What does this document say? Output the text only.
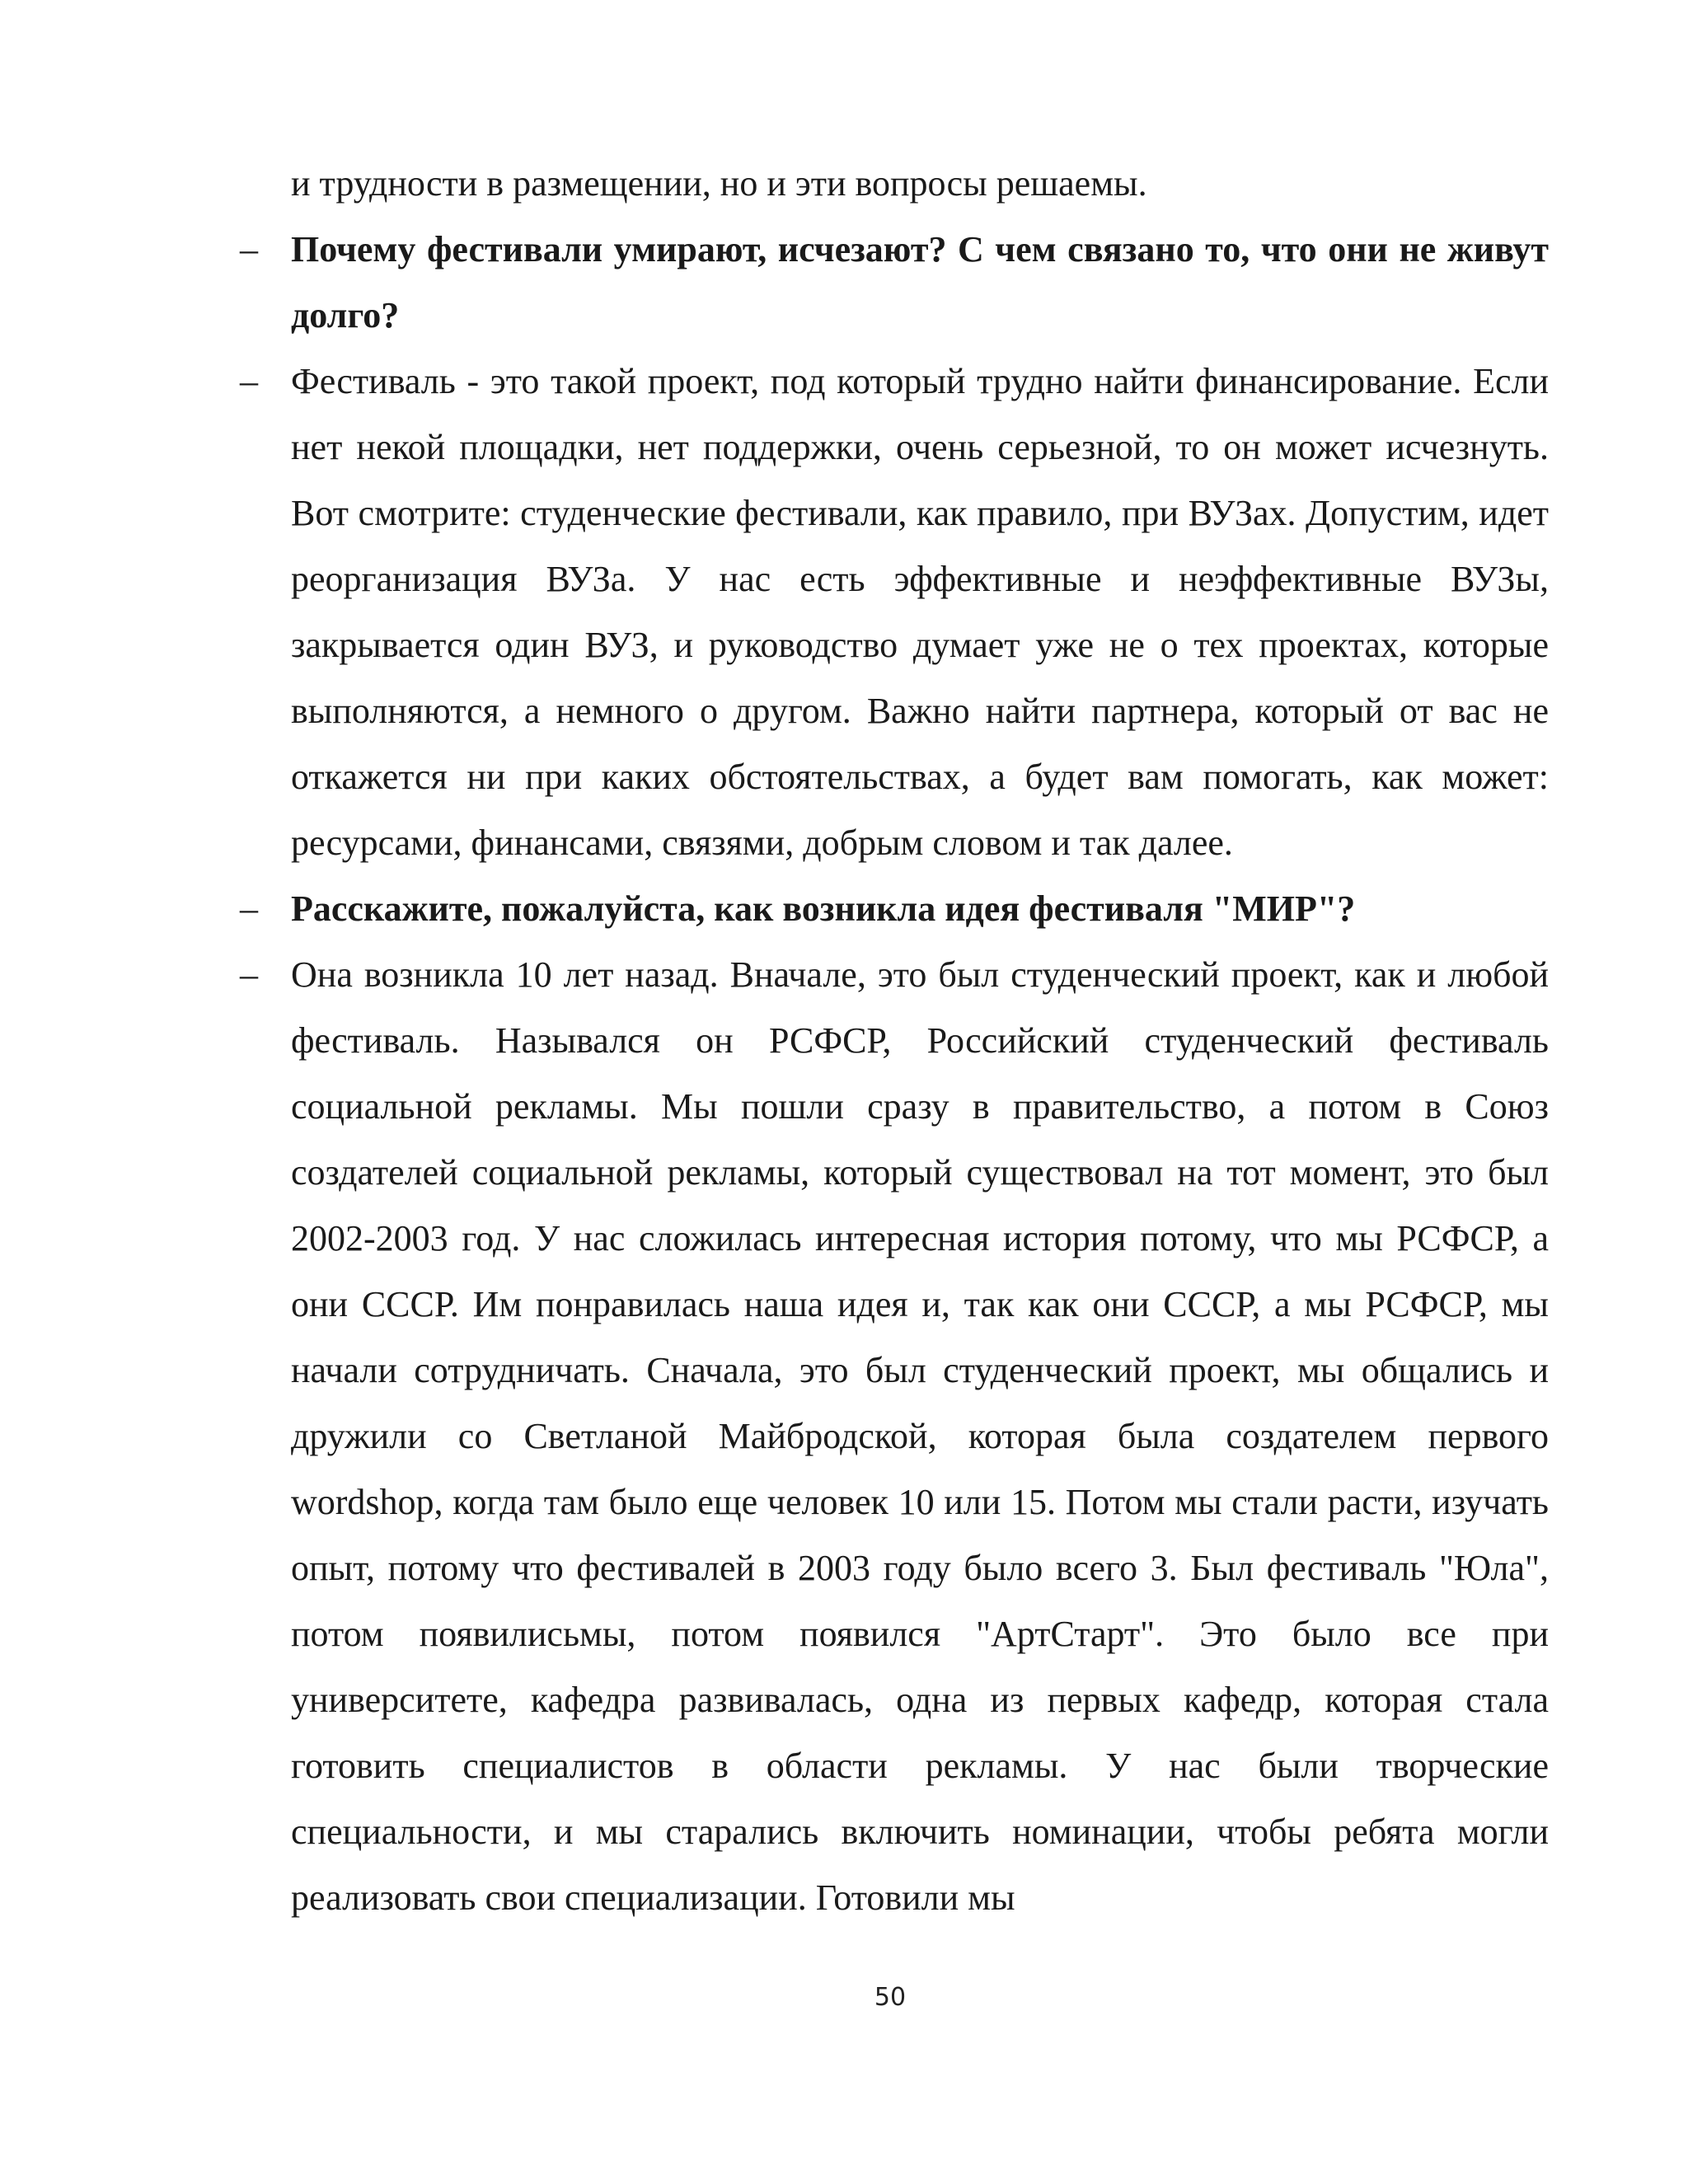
и трудности в размещении, но и эти вопросы решаемы.
– Почему фестивали умирают, исчезают? С чем связано то, что они не живут долго?

– Фестиваль - это такой проект, под который трудно найти финансирование. Если нет некой площадки, нет поддержки, очень серьезной, то он может исчезнуть. Вот смотрите: студенческие фестивали, как правило, при ВУЗах. Допустим, идет реорганизация ВУЗа. У нас есть эффективные и неэффективные ВУЗы, закрывается один ВУЗ, и руководство думает уже не о тех проектах, которые выполняются, а немного о другом. Важно найти партнера, который от вас не откажется ни при каких обстоятельствах, а будет вам помогать, как может: ресурсами, финансами, связями, добрым словом и так далее.

– Расскажите, пожалуйста, как возникла идея фестиваля "МИР"?

– Она возникла 10 лет назад. Вначале, это был студенческий проект, как и любой фестиваль. Назывался он РСФСР, Российский студенческий фестиваль социальной рекламы. Мы пошли сразу в правительство, а потом в Союз создателей социальной рекламы, который существовал на тот момент, это был 2002-2003 год. У нас сложилась интересная история потому, что мы РСФСР, а они СССР. Им понравилась наша идея и, так как они СССР, а мы РСФСР, мы начали сотрудничать. Сначала, это был студенческий проект, мы общались и дружили со Светланой Майбродской, которая была создателем первого wordshop, когда там было еще человек 10 или 15. Потом мы стали расти, изучать опыт, потому что фестивалей в 2003 году было всего 3. Был фестиваль "Юла", потом появилисьмы, потом появился "АртСтарт". Это было все при университете, кафедра развивалась, одна из первых кафедр, которая стала готовить специалистов в области рекламы. У нас были творческие специальности, и мы старались включить номинации, чтобы ребята могли реализовать свои специализации. Готовили мы

50
